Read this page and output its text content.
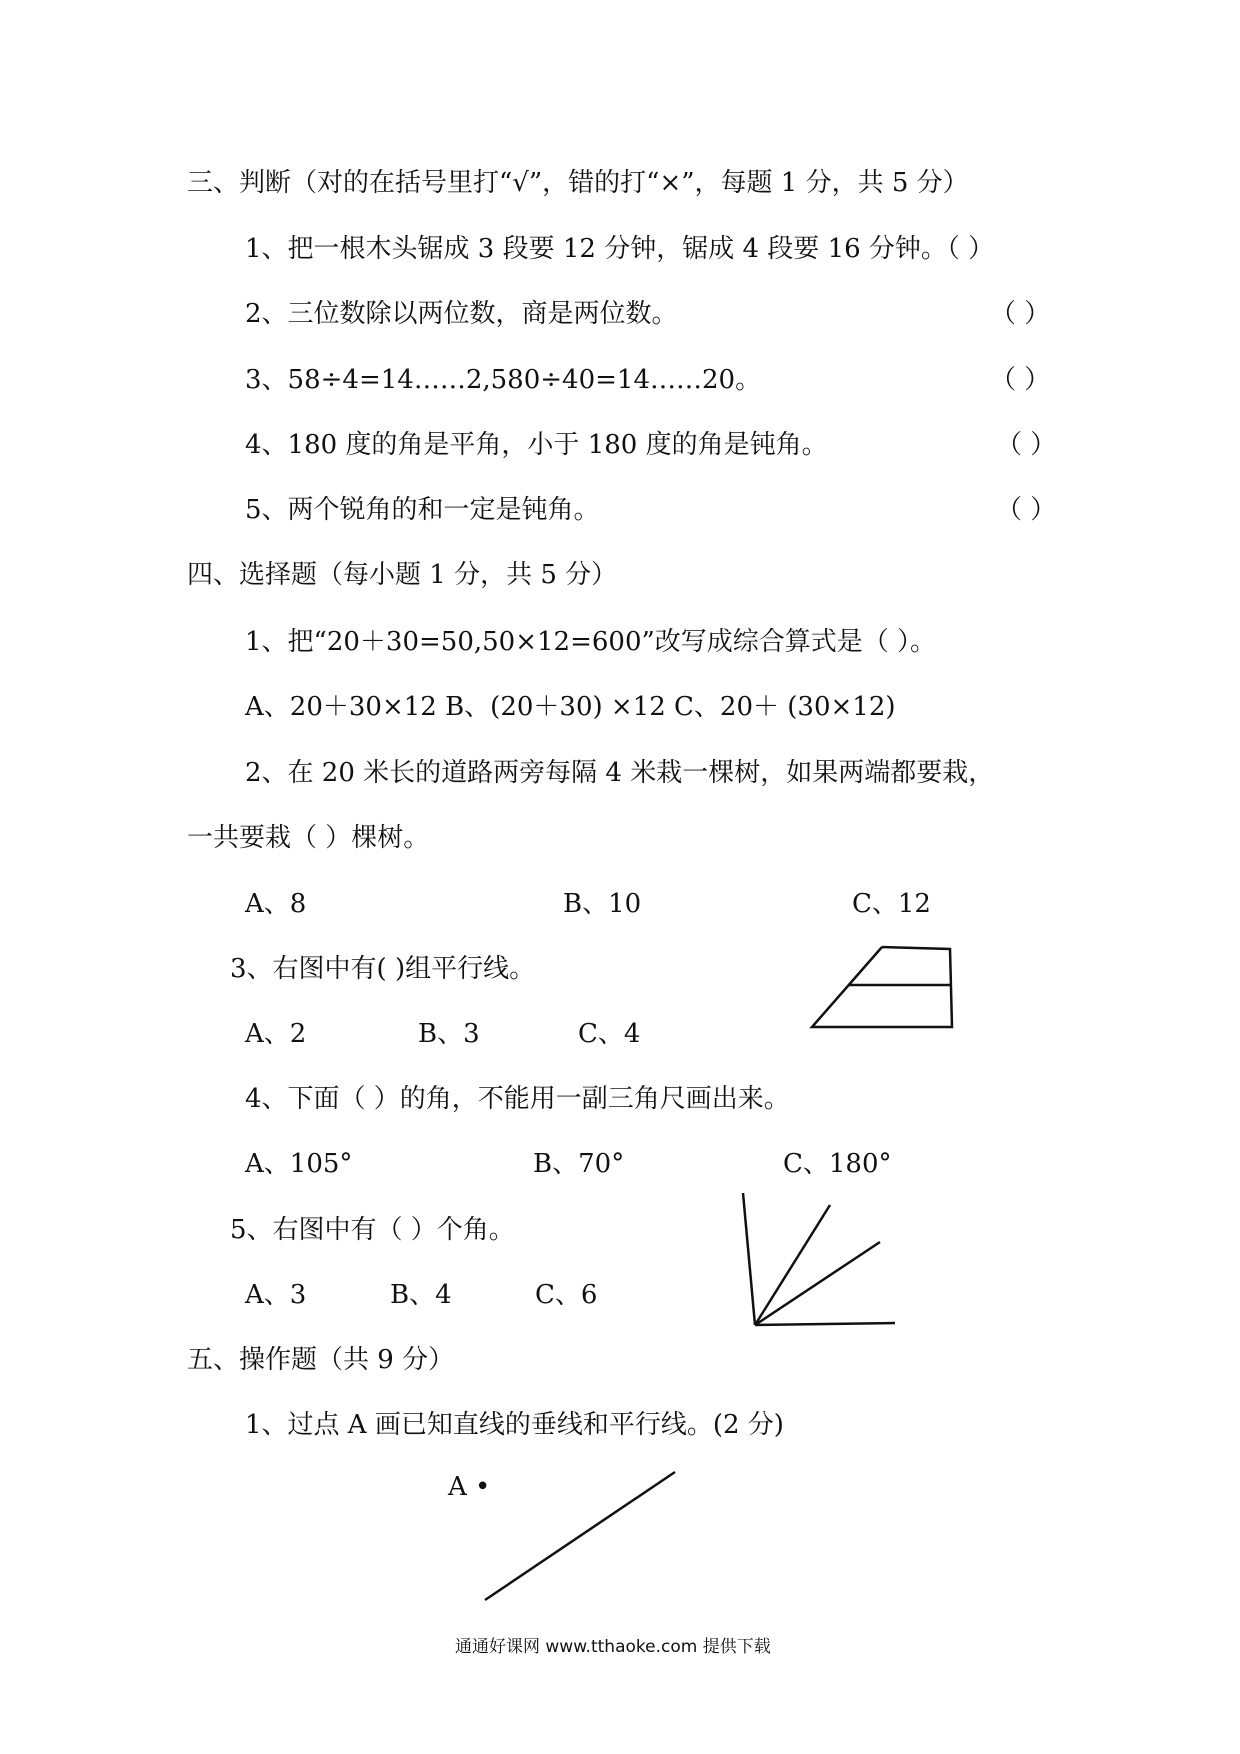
三、判断（对的在括号里打“√”，错的打“×”，每题 1 分，共 5 分）
1、把一根木头锯成 3 段要 12 分钟，锯成 4 段要 16 分钟。（ ）
2、三位数除以两位数，商是两位数。	（ ）
3、58÷4=14……2,580÷40=14……20。	（ ）
4、180 度的角是平角，小于 180 度的角是钝角。	（ ）
5、两个锐角的和一定是钝角。	（ ）
四、选择题（每小题 1 分，共 5 分）
1、把“20＋30=50,50×12=600”改写成综合算式是（ ）。
A、20＋30×12 B、(20＋30) ×12 C、20＋ (30×12)
2、在 20 米长的道路两旁每隔 4 米栽一棵树，如果两端都要栽，
一共要栽（ ）棵树。
A、8	B、10	C、12
3、右图中有( )组平行线。
A、2	B、3	C、4
4、下面（ ）的角，不能用一副三角尺画出来。
A、105°	B、70°	C、180°
5、右图中有（ ）个角。
A、3	B、4	C、6
五、操作题（共 9 分）
1、过点 A 画已知直线的垂线和平行线。(2 分)
A •
通通好课网 www.tthaoke.com 提供下载
